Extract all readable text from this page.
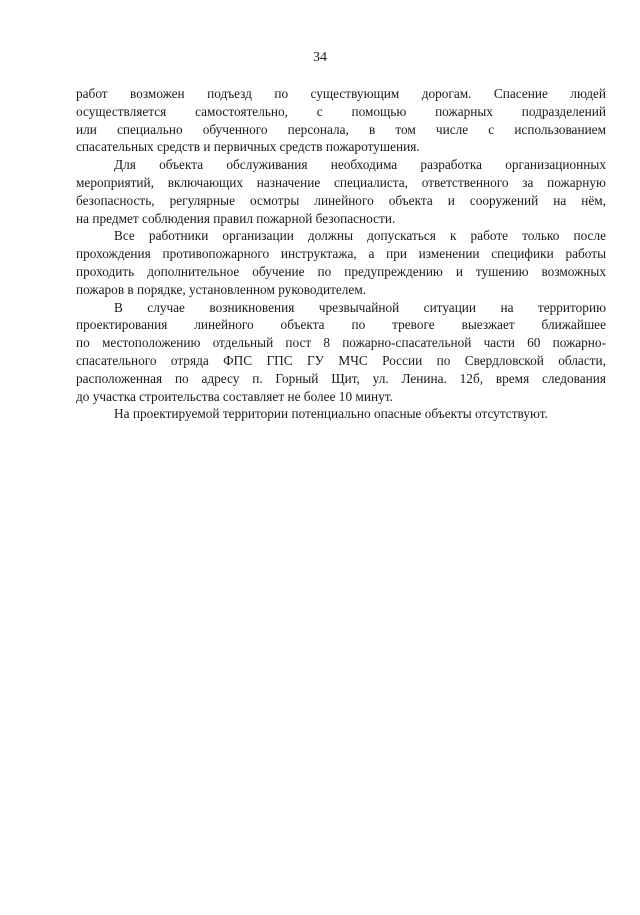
34
работ возможен подъезд по существующим дорогам. Спасение людей
осуществляется самостоятельно, с помощью пожарных подразделений
или специально обученного персонала, в том числе с использованием
спасательных средств и первичных средств пожаротушения.
Для объекта обслуживания необходима разработка организационных
мероприятий, включающих назначение специалиста, ответственного за пожарную
безопасность, регулярные осмотры линейного объекта и сооружений на нём,
на предмет соблюдения правил пожарной безопасности.
Все работники организации должны допускаться к работе только после
прохождения противопожарного инструктажа, а при изменении специфики работы
проходить дополнительное обучение по предупреждению и тушению возможных
пожаров в порядке, установленном руководителем.
В случае возникновения чрезвычайной ситуации на территорию
проектирования линейного объекта по тревоге выезжает ближайшее
по местоположению отдельный пост 8 пожарно-спасательной части 60 пожарно-
спасательного отряда ФПС ГПС ГУ МЧС России по Свердловской области,
расположенная по адресу п. Горный Щит, ул. Ленина. 12б, время следования
до участка строительства составляет не более 10 минут.
На проектируемой территории потенциально опасные объекты отсутствуют.
